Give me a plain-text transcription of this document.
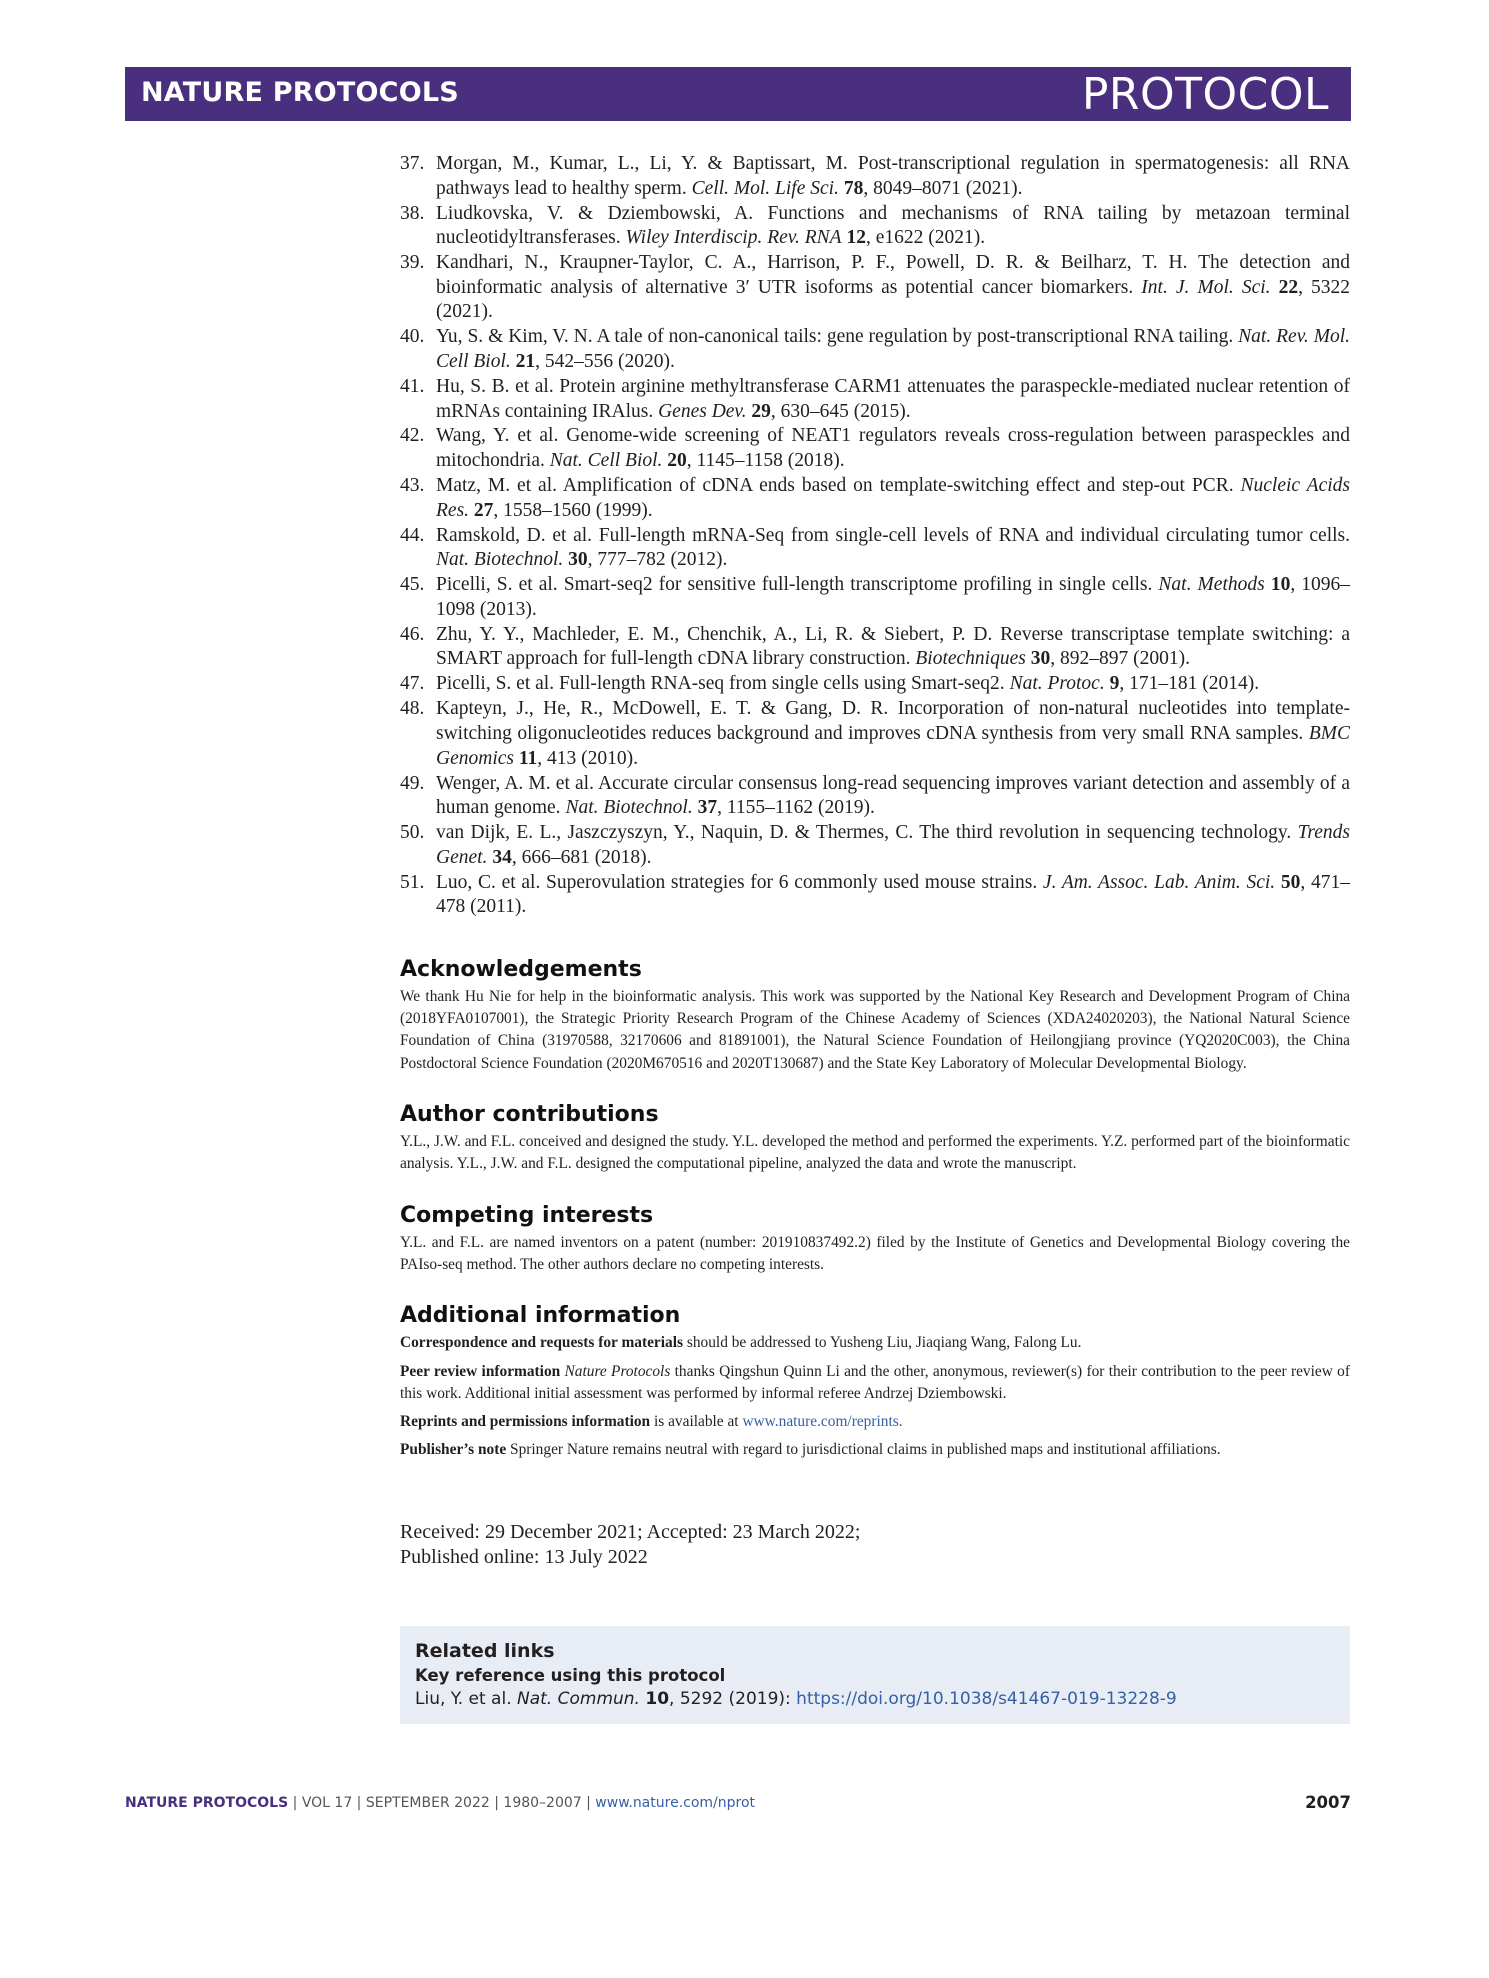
NATURE PROTOCOLS	PROTOCOL
37. Morgan, M., Kumar, L., Li, Y. & Baptissart, M. Post-transcriptional regulation in spermatogenesis: all RNA pathways lead to healthy sperm. Cell. Mol. Life Sci. 78, 8049–8071 (2021).
38. Liudkovska, V. & Dziembowski, A. Functions and mechanisms of RNA tailing by metazoan terminal nucleotidyltransferases. Wiley Interdiscip. Rev. RNA 12, e1622 (2021).
39. Kandhari, N., Kraupner-Taylor, C. A., Harrison, P. F., Powell, D. R. & Beilharz, T. H. The detection and bioinformatic analysis of alternative 3′ UTR isoforms as potential cancer biomarkers. Int. J. Mol. Sci. 22, 5322 (2021).
40. Yu, S. & Kim, V. N. A tale of non-canonical tails: gene regulation by post-transcriptional RNA tailing. Nat. Rev. Mol. Cell Biol. 21, 542–556 (2020).
41. Hu, S. B. et al. Protein arginine methyltransferase CARM1 attenuates the paraspeckle-mediated nuclear retention of mRNAs containing IRAlus. Genes Dev. 29, 630–645 (2015).
42. Wang, Y. et al. Genome-wide screening of NEAT1 regulators reveals cross-regulation between paraspeckles and mitochondria. Nat. Cell Biol. 20, 1145–1158 (2018).
43. Matz, M. et al. Amplification of cDNA ends based on template-switching effect and step-out PCR. Nucleic Acids Res. 27, 1558–1560 (1999).
44. Ramskold, D. et al. Full-length mRNA-Seq from single-cell levels of RNA and individual circulating tumor cells. Nat. Biotechnol. 30, 777–782 (2012).
45. Picelli, S. et al. Smart-seq2 for sensitive full-length transcriptome profiling in single cells. Nat. Methods 10, 1096–1098 (2013).
46. Zhu, Y. Y., Machleder, E. M., Chenchik, A., Li, R. & Siebert, P. D. Reverse transcriptase template switching: a SMART approach for full-length cDNA library construction. Biotechniques 30, 892–897 (2001).
47. Picelli, S. et al. Full-length RNA-seq from single cells using Smart-seq2. Nat. Protoc. 9, 171–181 (2014).
48. Kapteyn, J., He, R., McDowell, E. T. & Gang, D. R. Incorporation of non-natural nucleotides into template-switching oligonucleotides reduces background and improves cDNA synthesis from very small RNA samples. BMC Genomics 11, 413 (2010).
49. Wenger, A. M. et al. Accurate circular consensus long-read sequencing improves variant detection and assembly of a human genome. Nat. Biotechnol. 37, 1155–1162 (2019).
50. van Dijk, E. L., Jaszczyszyn, Y., Naquin, D. & Thermes, C. The third revolution in sequencing technology. Trends Genet. 34, 666–681 (2018).
51. Luo, C. et al. Superovulation strategies for 6 commonly used mouse strains. J. Am. Assoc. Lab. Anim. Sci. 50, 471–478 (2011).
Acknowledgements

We thank Hu Nie for help in the bioinformatic analysis. This work was supported by the National Key Research and Development Program of China (2018YFA0107001), the Strategic Priority Research Program of the Chinese Academy of Sciences (XDA24020203), the National Natural Science Foundation of China (31970588, 32170606 and 81891001), the Natural Science Foundation of Heilongjiang province (YQ2020C003), the China Postdoctoral Science Foundation (2020M670516 and 2020T130687) and the State Key Laboratory of Molecular Developmental Biology.

Author contributions

Y.L., J.W. and F.L. conceived and designed the study. Y.L. developed the method and performed the experiments. Y.Z. performed part of the bioinformatic analysis. Y.L., J.W. and F.L. designed the computational pipeline, analyzed the data and wrote the manuscript.

Competing interests

Y.L. and F.L. are named inventors on a patent (number: 201910837492.2) filed by the Institute of Genetics and Developmental Biology covering the PAIso-seq method. The other authors declare no competing interests.

Additional information

Correspondence and requests for materials should be addressed to Yusheng Liu, Jiaqiang Wang, Falong Lu.

Peer review information Nature Protocols thanks Qingshun Quinn Li and the other, anonymous, reviewer(s) for their contribution to the peer review of this work. Additional initial assessment was performed by informal referee Andrzej Dziembowski.

Reprints and permissions information is available at www.nature.com/reprints.

Publisher’s note Springer Nature remains neutral with regard to jurisdictional claims in published maps and institutional affiliations.

Received: 29 December 2021; Accepted: 23 March 2022;
Published online: 13 July 2022
Related links
Key reference using this protocol
Liu, Y. et al. Nat. Commun. 10, 5292 (2019): https://doi.org/10.1038/s41467-019-13228-9
NATURE PROTOCOLS | VOL 17 | SEPTEMBER 2022 | 1980–2007 | www.nature.com/nprot	2007
